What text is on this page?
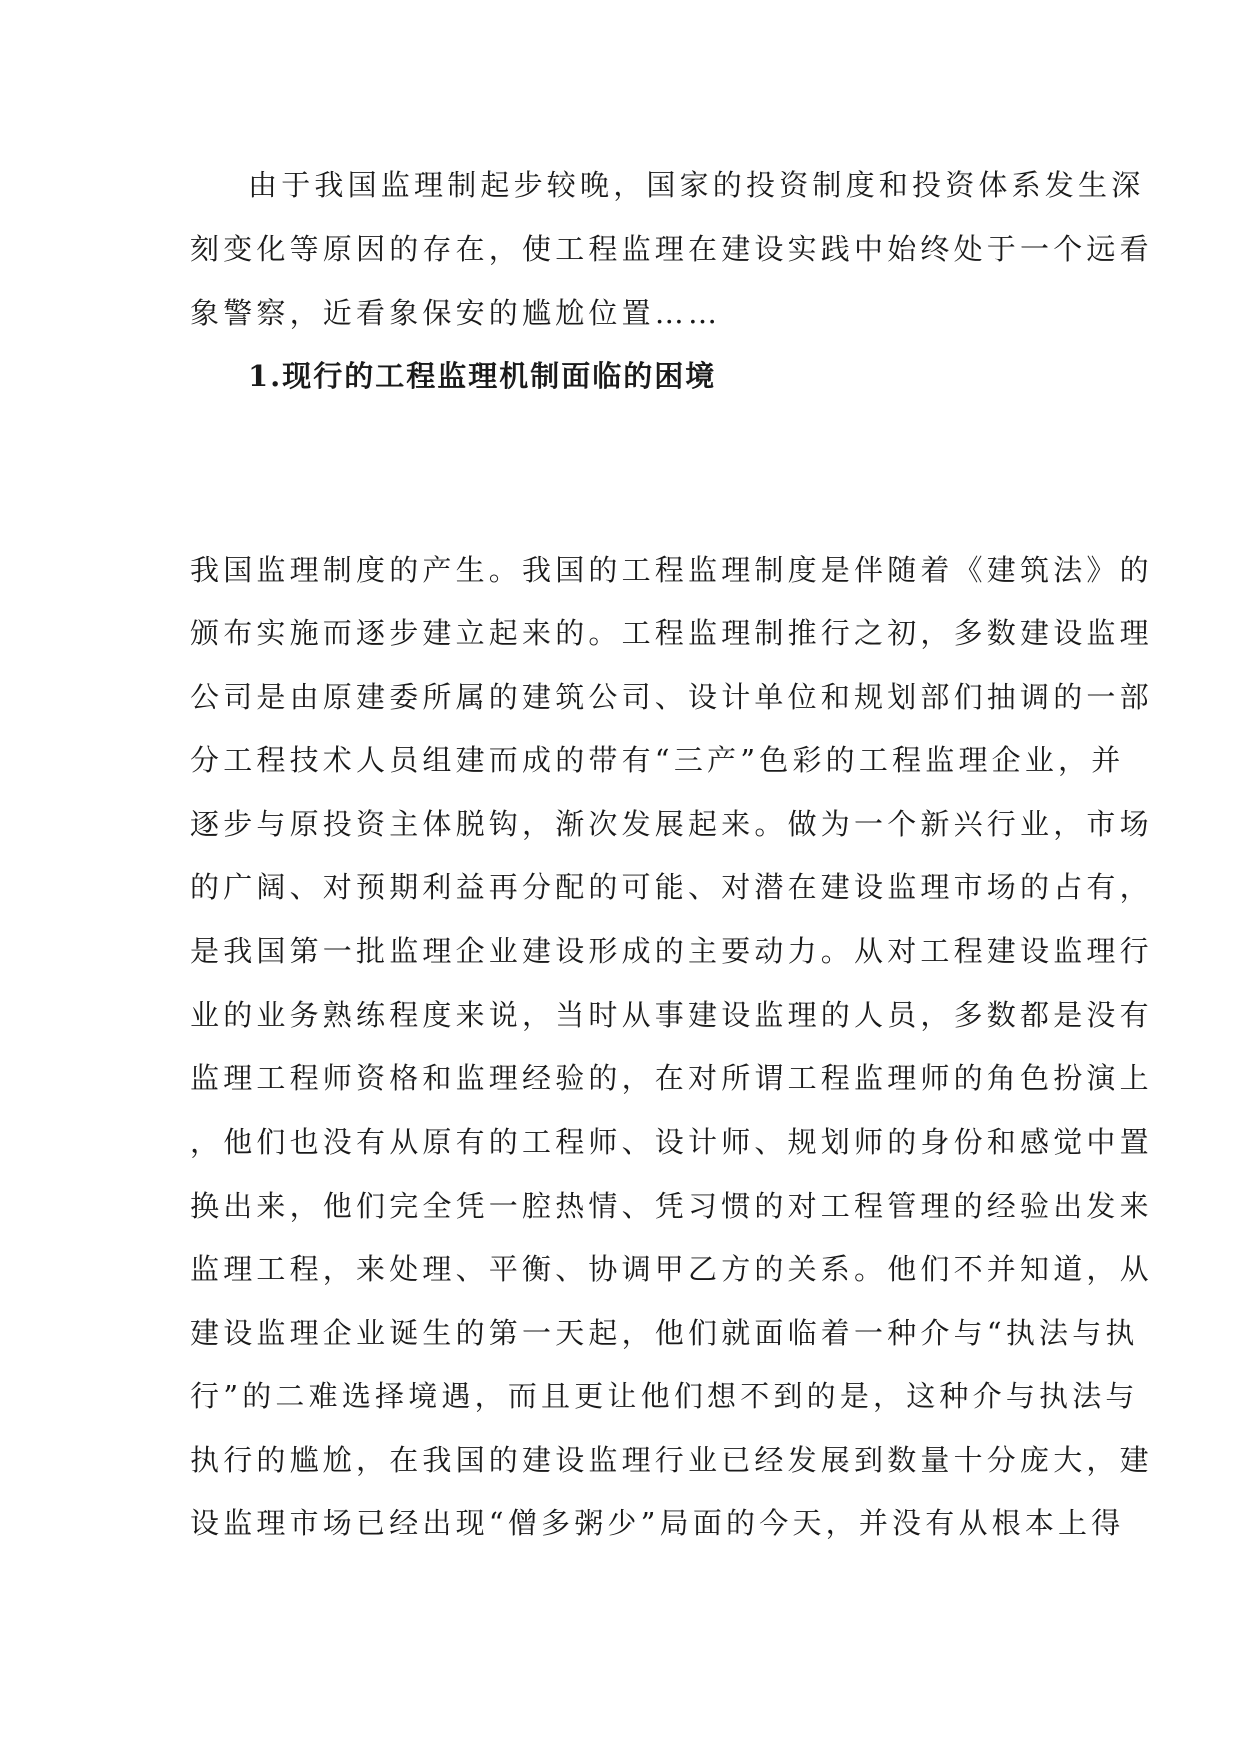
由于我国监理制起步较晚，国家的投资制度和投资体系发生深
刻变化等原因的存在，使工程监理在建设实践中始终处于一个远看
象警察，近看象保安的尴尬位置……
1.现行的工程监理机制面临的困境
我国监理制度的产生。我国的工程监理制度是伴随着《建筑法》的
颁布实施而逐步建立起来的。工程监理制推行之初，多数建设监理
公司是由原建委所属的建筑公司、设计单位和规划部们抽调的一部
分工程技术人员组建而成的带有“三产”色彩的工程监理企业，并
逐步与原投资主体脱钩，渐次发展起来。做为一个新兴行业，市场
的广阔、对预期利益再分配的可能、对潜在建设监理市场的占有，
是我国第一批监理企业建设形成的主要动力。从对工程建设监理行
业的业务熟练程度来说，当时从事建设监理的人员，多数都是没有
监理工程师资格和监理经验的，在对所谓工程监理师的角色扮演上
，他们也没有从原有的工程师、设计师、规划师的身份和感觉中置
换出来，他们完全凭一腔热情、凭习惯的对工程管理的经验出发来
监理工程，来处理、平衡、协调甲乙方的关系。他们不并知道，从
建设监理企业诞生的第一天起，他们就面临着一种介与“执法与执
行”的二难选择境遇，而且更让他们想不到的是，这种介与执法与
执行的尴尬，在我国的建设监理行业已经发展到数量十分庞大，建
设监理市场已经出现“僧多粥少”局面的今天，并没有从根本上得
